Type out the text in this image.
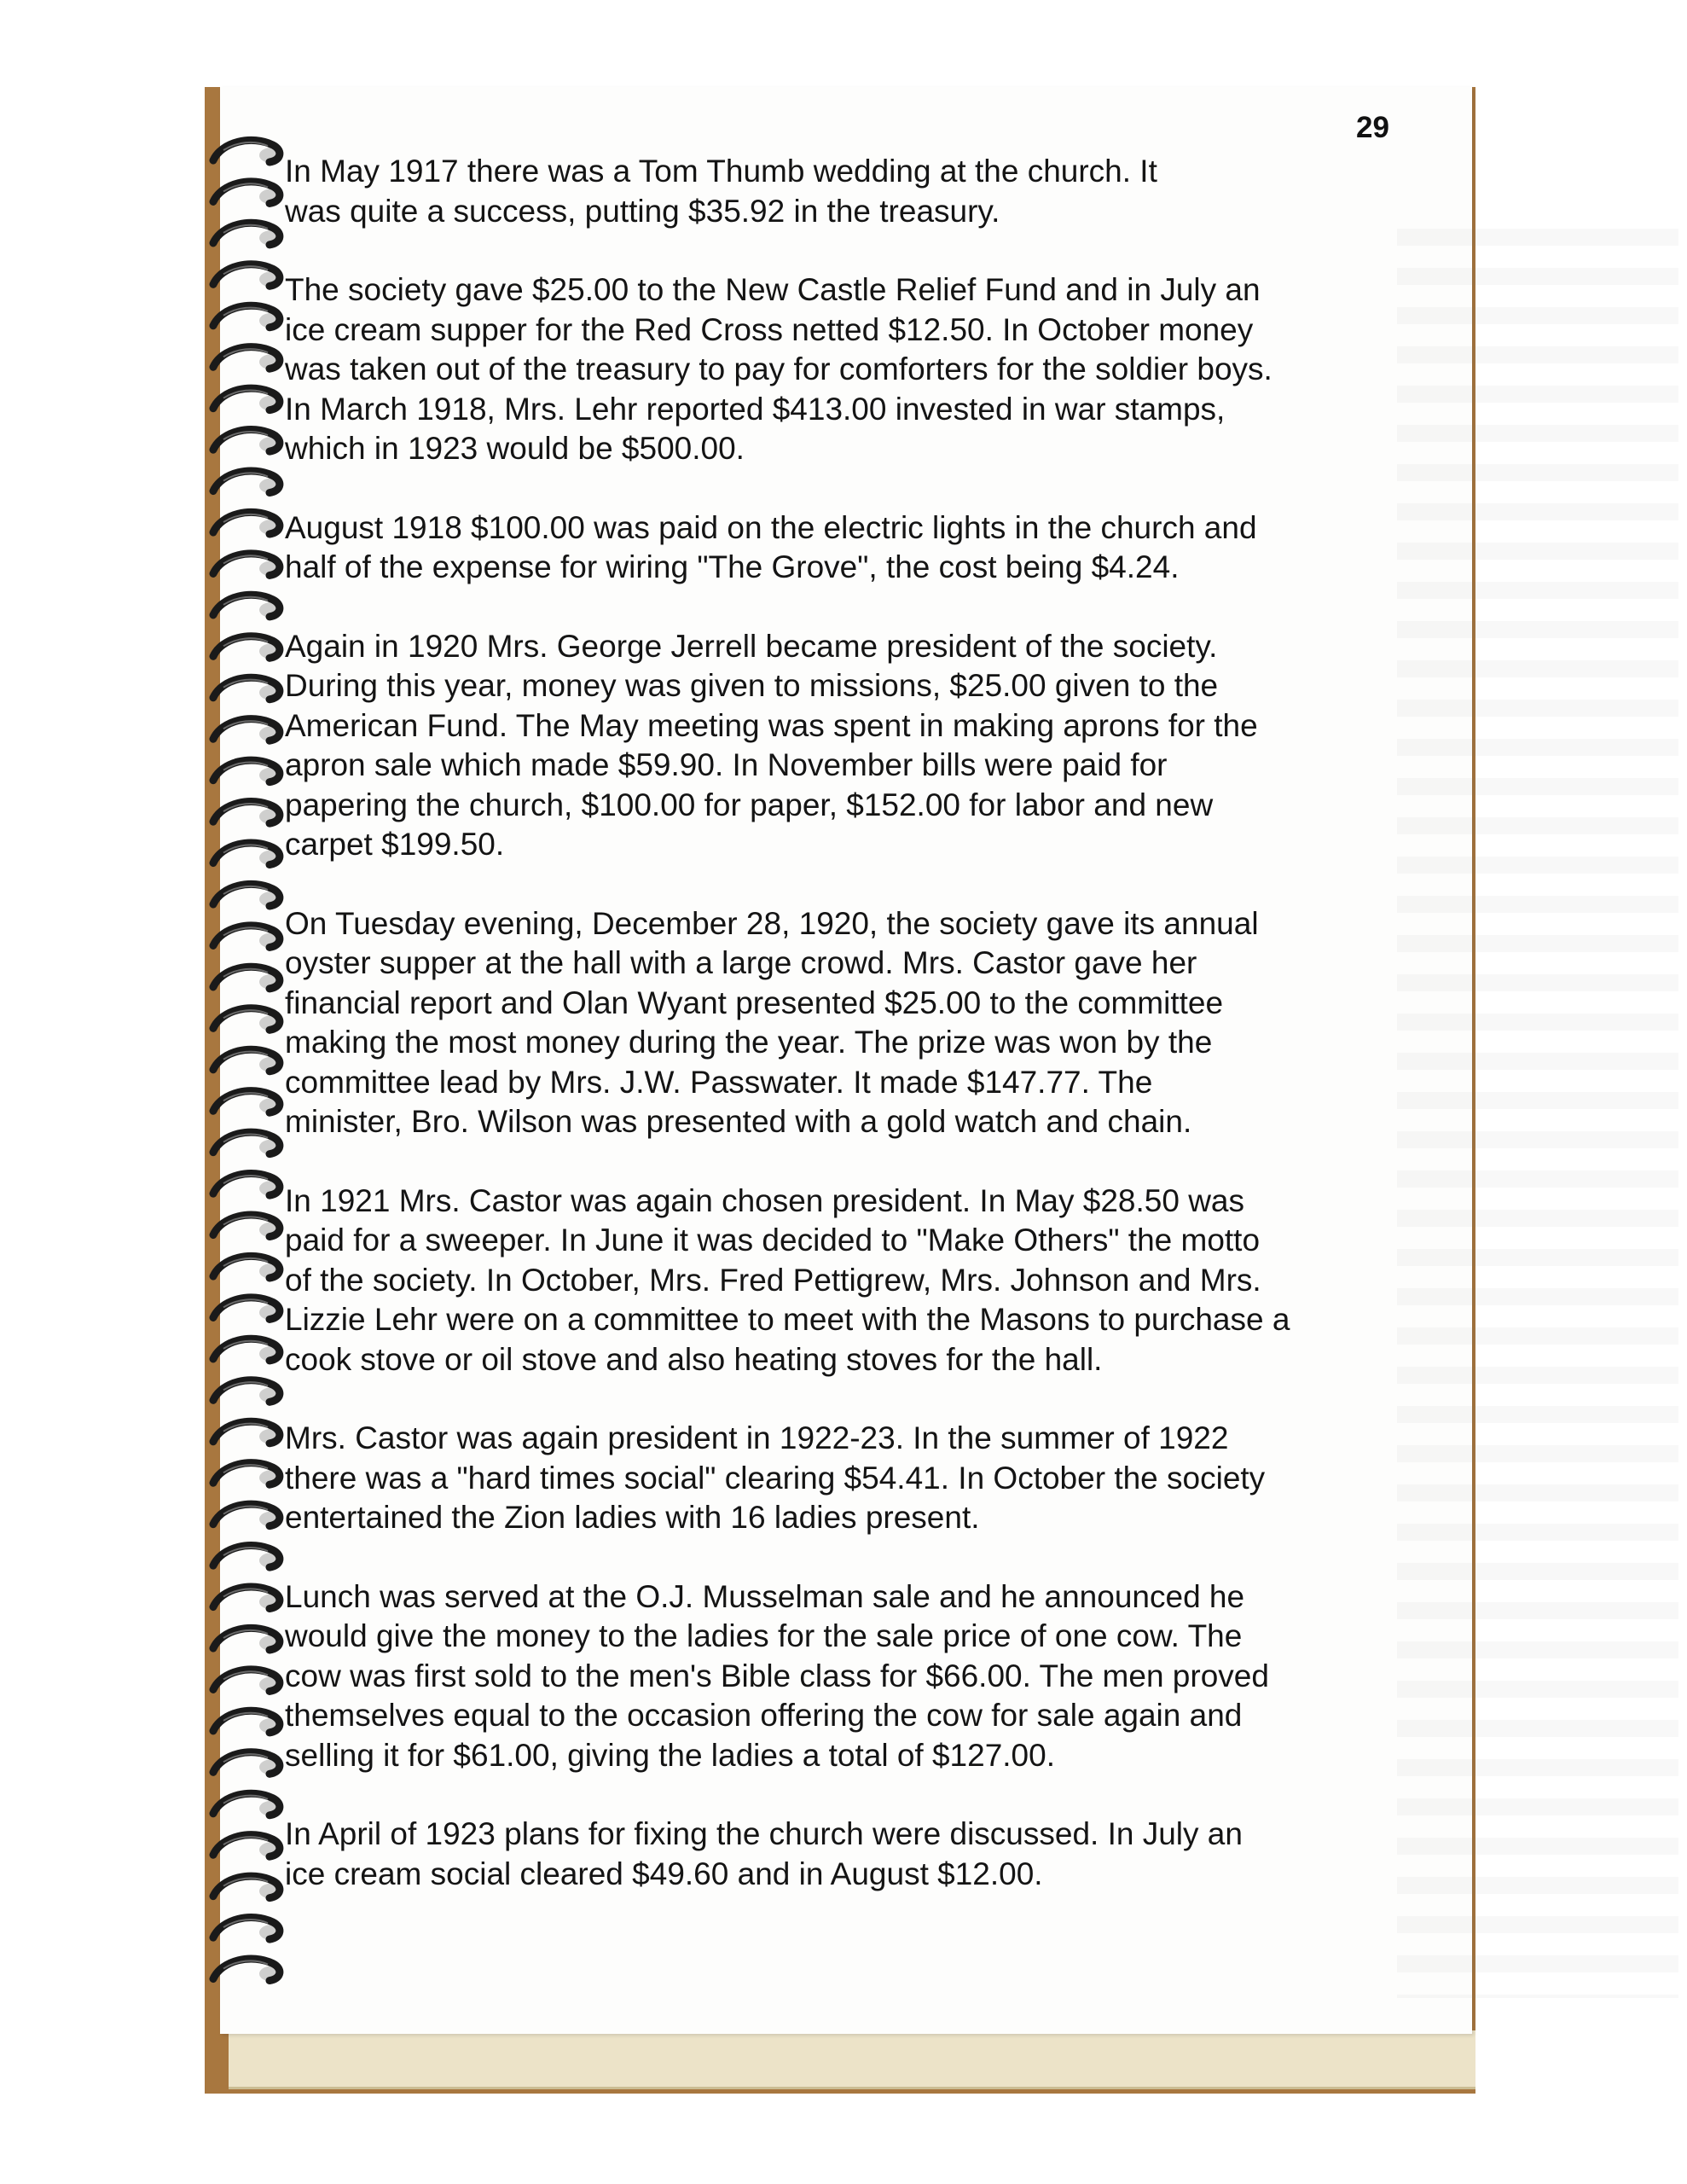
29

In May 1917 there was a Tom Thumb wedding at the church. It
was quite a success, putting $35.92 in the treasury.

The society gave $25.00 to the New Castle Relief Fund and in July an
ice cream supper for the Red Cross netted $12.50. In October money
was taken out of the treasury to pay for comforters for the soldier boys.
In March 1918, Mrs. Lehr reported $413.00 invested in war stamps,
which in 1923 would be $500.00.

August 1918 $100.00 was paid on the electric lights in the church and
half of the expense for wiring "The Grove", the cost being $4.24.

Again in 1920 Mrs. George Jerrell became president of the society.
During this year, money was given to missions, $25.00 given to the
American Fund. The May meeting was spent in making aprons for the
apron sale which made $59.90. In November bills were paid for
papering the church, $100.00 for paper, $152.00 for labor and new
carpet $199.50.

On Tuesday evening, December 28, 1920, the society gave its annual
oyster supper at the hall with a large crowd. Mrs. Castor gave her
financial report and Olan Wyant presented $25.00 to the committee
making the most money during the year. The prize was won by the
committee lead by Mrs. J.W. Passwater. It made $147.77. The
minister, Bro. Wilson was presented with a gold watch and chain.

In 1921 Mrs. Castor was again chosen president. In May $28.50 was
paid for a sweeper. In June it was decided to "Make Others" the motto
of the society. In October, Mrs. Fred Pettigrew, Mrs. Johnson and Mrs.
Lizzie Lehr were on a committee to meet with the Masons to purchase a
cook stove or oil stove and also heating stoves for the hall.

Mrs. Castor was again president in 1922-23. In the summer of 1922
there was a "hard times social" clearing $54.41. In October the society
entertained the Zion ladies with 16 ladies present.

Lunch was served at the O.J. Musselman sale and he announced he
would give the money to the ladies for the sale price of one cow. The
cow was first sold to the men's Bible class for $66.00. The men proved
themselves equal to the occasion offering the cow for sale again and
selling it for $61.00, giving the ladies a total of $127.00.

In April of 1923 plans for fixing the church were discussed. In July an
ice cream social cleared $49.60 and in August $12.00.
